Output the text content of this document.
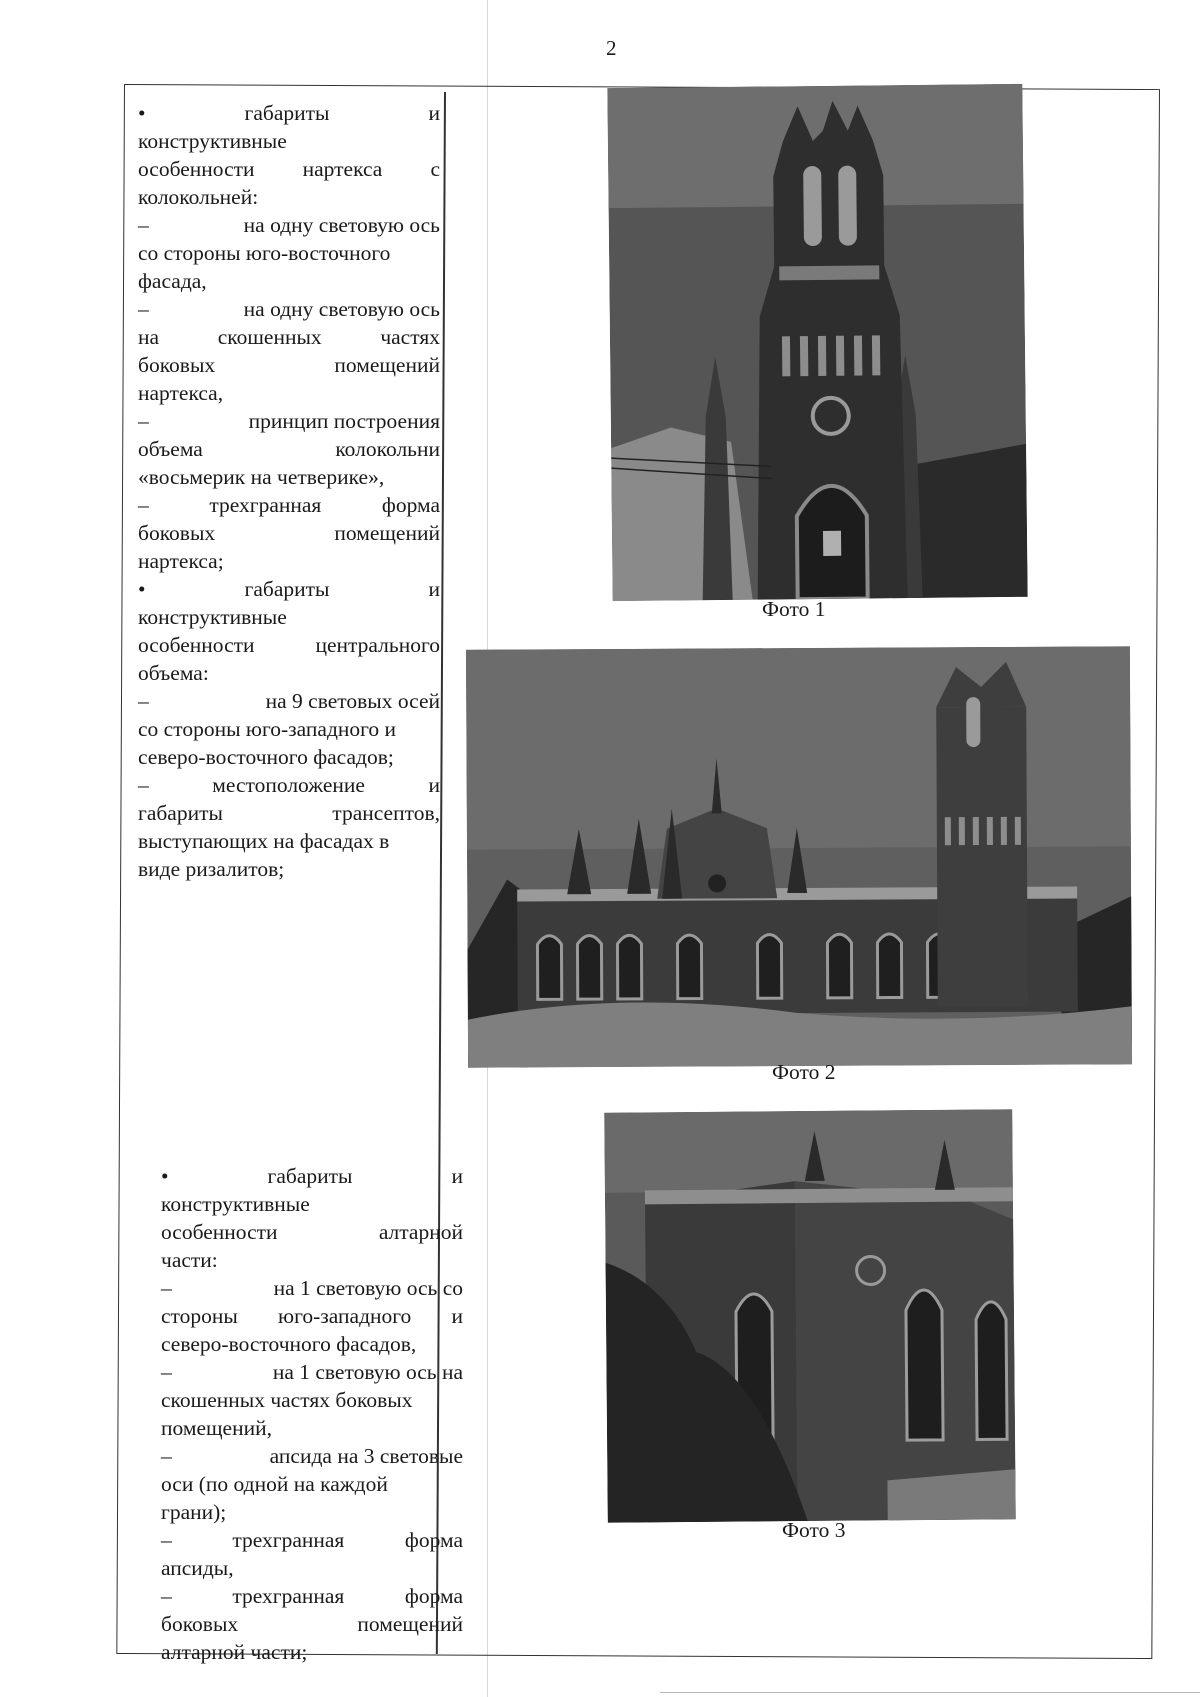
2
•	габариты	и
конструктивные
особенности нартекса с
колокольней:
–	на одну световую ось
со стороны юго-восточного
фасада,
–	на одну световую ось
на	скошенных	частях
боковых	помещений
нартекса,
–	принцип построения
объема	колокольни
«восьмерик на четверике»,
–	трехгранная	форма
боковых	помещений
нартекса;
•	габариты	и
конструктивные
особенности	центрального
объема:
–	на 9 световых осей
со стороны юго-западного и
северо-восточного фасадов;
–	местоположение	и
габариты	трансептов,
выступающих на фасадах в
виде ризалитов;
•	габариты	и
конструктивные
особенности	алтарной
части:
–	на 1 световую ось со
стороны юго-западного и
северо-восточного фасадов,
–	на 1 световую ось на
скошенных частях боковых
помещений,
–	апсида на 3 световые
оси (по одной на каждой
грани);
–	трехгранная	форма
апсиды,
–	трехгранная	форма
боковых	помещений
алтарной части;
Фото 1
Фото 2
Фото 3
